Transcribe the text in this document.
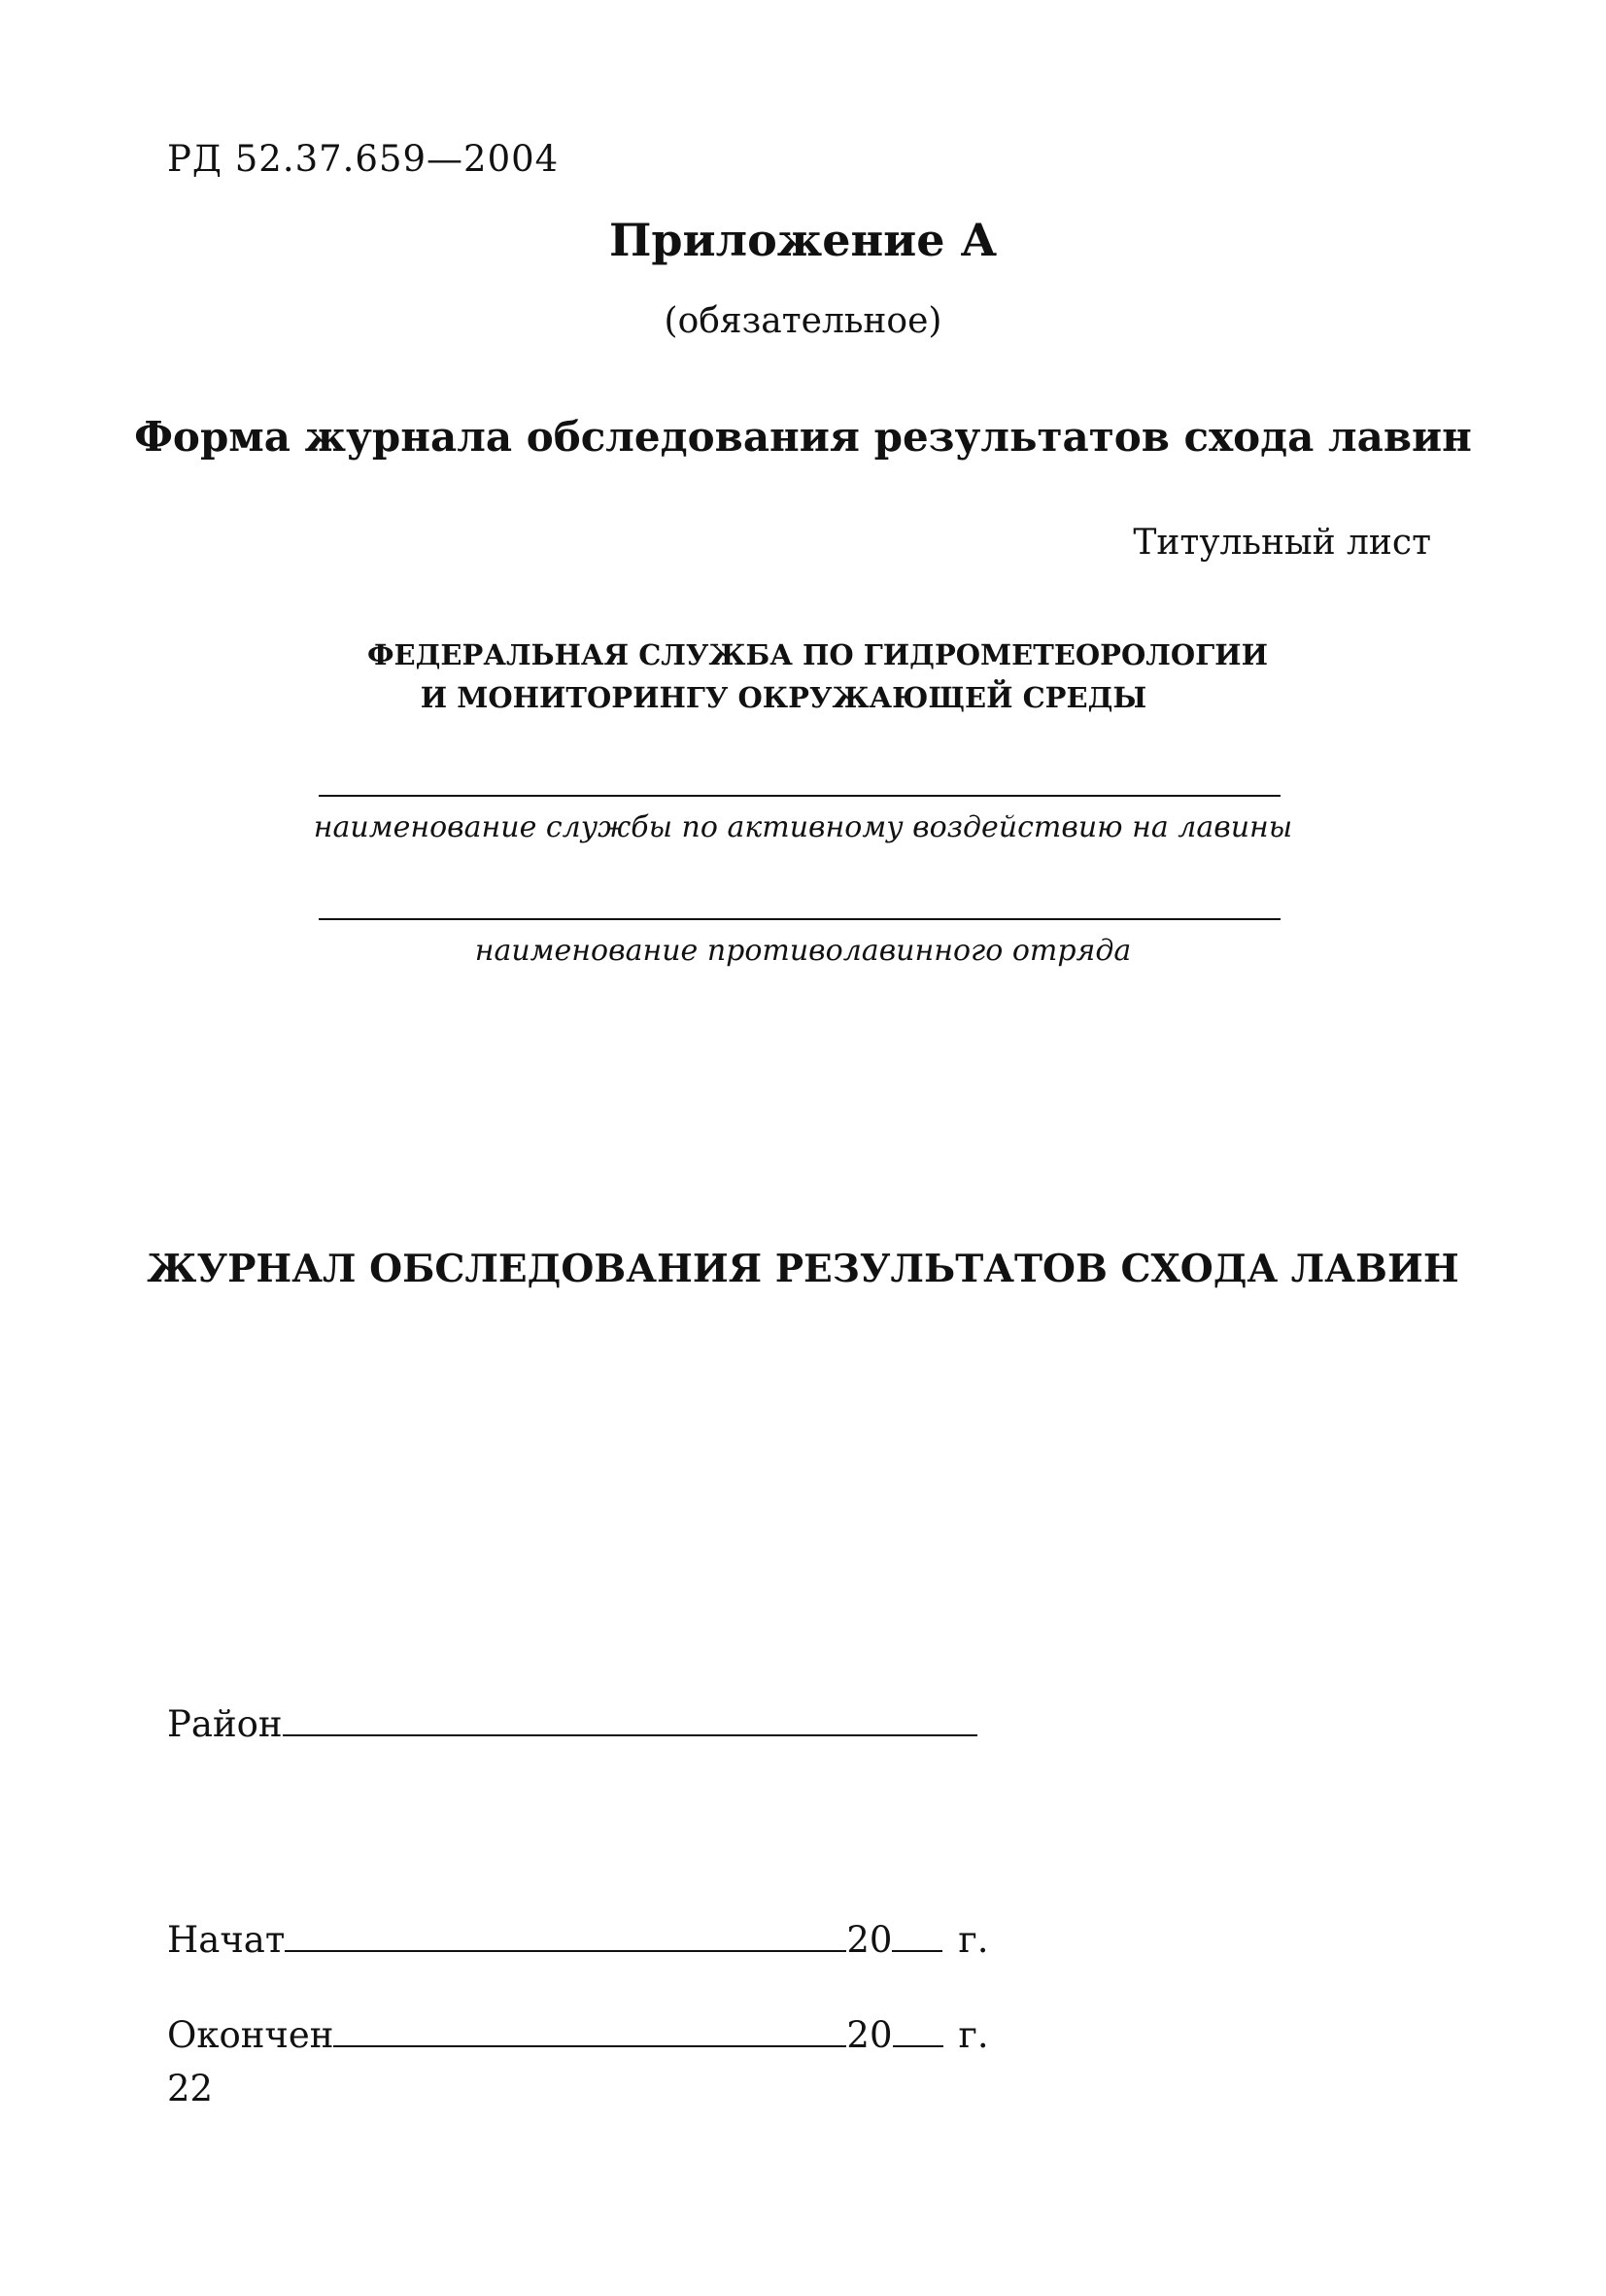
РД 52.37.659—2004
Приложение А
(обязательное)
Форма журнала обследования результатов схода лавин
Титульный лист
ФЕДЕРАЛЬНАЯ СЛУЖБА ПО ГИДРОМЕТЕОРОЛОГИИ
И МОНИТОРИНГУ ОКРУЖАЮЩЕЙ СРЕДЫ
наименование службы по активному воздействию на лавины
наименование противолавинного отряда
ЖУРНАЛ ОБСЛЕДОВАНИЯ РЕЗУЛЬТАТОВ СХОДА ЛАВИН
Район
Начат	20 г.
Окончен	20 г.
22
